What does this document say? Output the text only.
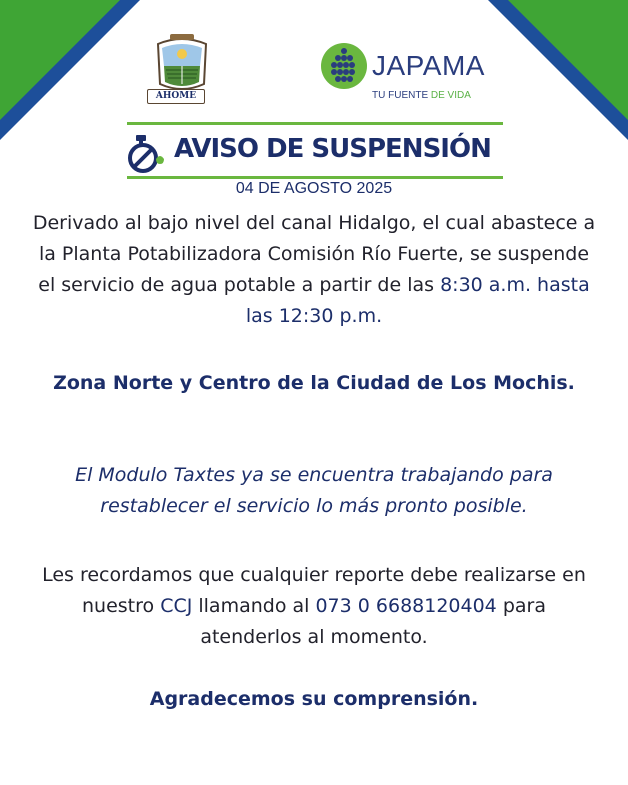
AHOME
JAPAMA
TU FUENTE DE VIDA
AVISO DE SUSPENSIÓN
04 DE AGOSTO 2025
Derivado al bajo nivel del canal Hidalgo, el cual abastece a la Planta Potabilizadora Comisión Río Fuerte, se suspende el servicio de agua potable a partir de las 8:30 a.m. hasta las 12:30 p.m.
Zona Norte y Centro de la Ciudad de Los Mochis.
El Modulo Taxtes ya se encuentra trabajando para restablecer el servicio lo más pronto posible.
Les recordamos que cualquier reporte debe realizarse en nuestro CCJ llamando al 073 0 6688120404 para atenderlos al momento.
Agradecemos su comprensión.
